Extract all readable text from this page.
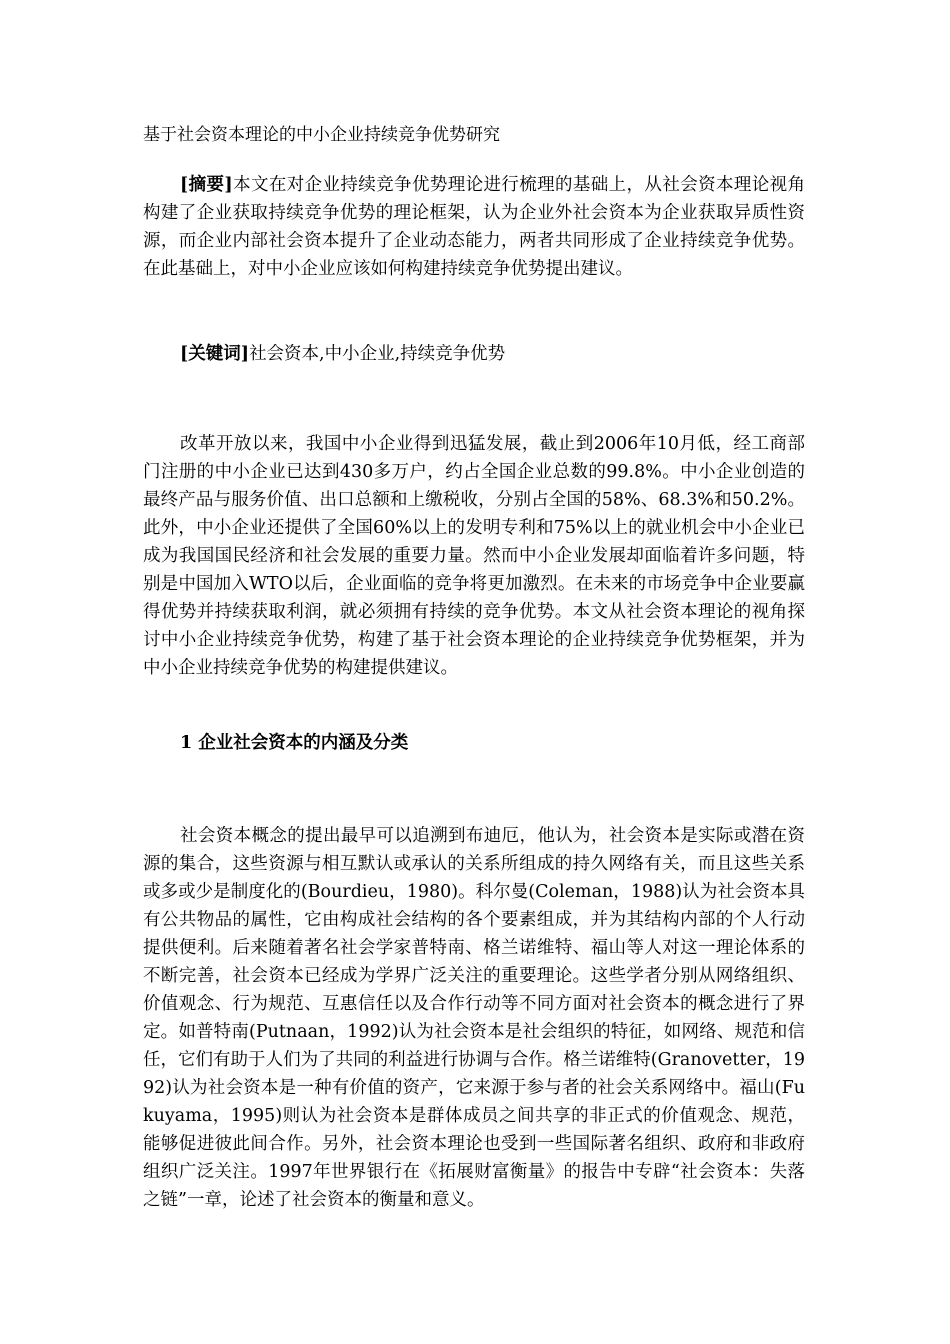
基于社会资本理论的中小企业持续竞争优势研究

[摘要]本文在对企业持续竞争优势理论进行梳理的基础上，从社会资本理论视角构建了企业获取持续竞争优势的理论框架，认为企业外社会资本为企业获取异质性资源，而企业内部社会资本提升了企业动态能力，两者共同形成了企业持续竞争优势。在此基础上，对中小企业应该如何构建持续竞争优势提出建议。

[关键词]社会资本,中小企业,持续竞争优势

改革开放以来，我国中小企业得到迅猛发展，截止到2006年10月低，经工商部门注册的中小企业已达到430多万户，约占全国企业总数的99.8%。中小企业创造的最终产品与服务价值、出口总额和上缴税收，分别占全国的58%、68.3%和50.2%。此外，中小企业还提供了全国60%以上的发明专利和75%以上的就业机会中小企业已成为我国国民经济和社会发展的重要力量。然而中小企业发展却面临着许多问题，特别是中国加入WTO以后，企业面临的竞争将更加激烈。在未来的市场竞争中企业要赢得优势并持续获取利润，就必须拥有持续的竞争优势。本文从社会资本理论的视角探讨中小企业持续竞争优势，构建了基于社会资本理论的企业持续竞争优势框架，并为中小企业持续竞争优势的构建提供建议。

1 企业社会资本的内涵及分类

社会资本概念的提出最早可以追溯到布迪厄，他认为，社会资本是实际或潜在资源的集合，这些资源与相互默认或承认的关系所组成的持久网络有关，而且这些关系或多或少是制度化的(Bourdieu，1980)。科尔曼(Coleman，1988)认为社会资本具有公共物品的属性，它由构成社会结构的各个要素组成，并为其结构内部的个人行动提供便利。后来随着著名社会学家普特南、格兰诺维特、福山等人对这一理论体系的不断完善，社会资本已经成为学界广泛关注的重要理论。这些学者分别从网络组织、价值观念、行为规范、互惠信任以及合作行动等不同方面对社会资本的概念进行了界定。如普特南(Putnaan，1992)认为社会资本是社会组织的特征，如网络、规范和信任，它们有助于人们为了共同的利益进行协调与合作。格兰诺维特(Granovetter，1992)认为社会资本是一种有价值的资产，它来源于参与者的社会关系网络中。福山(Fukuyama，1995)则认为社会资本是群体成员之间共享的非正式的价值观念、规范，能够促进彼此间合作。另外，社会资本理论也受到一些国际著名组织、政府和非政府组织广泛关注。1997年世界银行在《拓展财富衡量》的报告中专辟“社会资本：失落之链”一章，论述了社会资本的衡量和意义。
